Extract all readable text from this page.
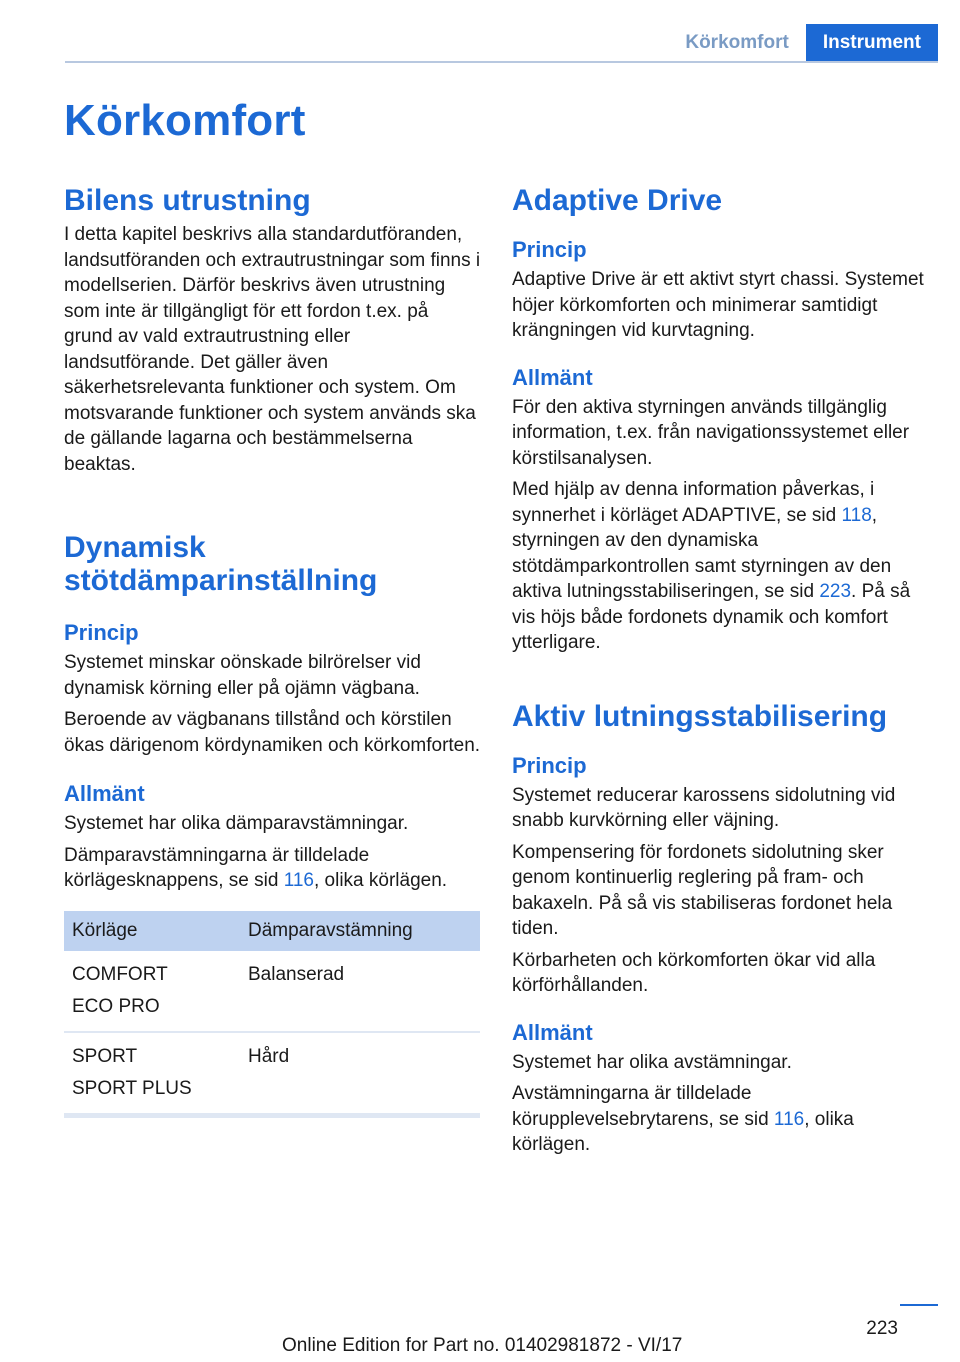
Körkomfort	Instrument
Körkomfort
Bilens utrustning

I detta kapitel beskrivs alla standardutföranden, landsutföranden och extrautrustningar som finns i modellserien. Därför beskrivs även utrustning som inte är tillgängligt för ett fordon t.ex. på grund av vald extrautrustning eller landsutförande. Det gäller även säkerhetsrelevanta funktioner och system. Om motsvarande funktioner och system används ska de gällande lagarna och bestämmelserna beaktas.

Dynamisk stötdämparinställning
Princip

Systemet minskar oönskade bilrörelser vid dynamisk körning eller på ojämn vägbana.

Beroende av vägbanans tillstånd och körstilen ökas därigenom kördynamiken och körkomforten.

Allmänt

Systemet har olika dämparavstämningar.

Dämparavstämningarna är tilldelade körlägesknappens, se sid 116, olika körlägen.

Körläge	Dämparavstämning

COMFORT
ECO PRO	Balanserad

SPORT
SPORT PLUS	Hård
Adaptive Drive
Princip

Adaptive Drive är ett aktivt styrt chassi. Systemet höjer körkomforten och minimerar samtidigt krängningen vid kurvtagning.

Allmänt

För den aktiva styrningen används tillgänglig information, t.ex. från navigationssystemet eller körstilsanalysen.

Med hjälp av denna information påverkas, i synnerhet i körläget ADAPTIVE, se sid 118, styrningen av den dynamiska stötdämparkontrollen samt styrningen av den aktiva lutningsstabiliseringen, se sid 223. På så vis höjs både fordonets dynamik och komfort ytterligare.

Aktiv lutningsstabilisering
Princip

Systemet reducerar karossens sidolutning vid snabb kurvkörning eller väjning.

Kompensering för fordonets sidolutning sker genom kontinuerlig reglering på fram- och bakaxeln. På så vis stabiliseras fordonet hela tiden.

Körbarheten och körkomforten ökar vid alla körförhållanden.

Allmänt

Systemet har olika avstämningar.

Avstämningarna är tilldelade körupplevelsebrytarens, se sid 116, olika körlägen.

223
Online Edition for Part no. 01402981872 - VI/17
